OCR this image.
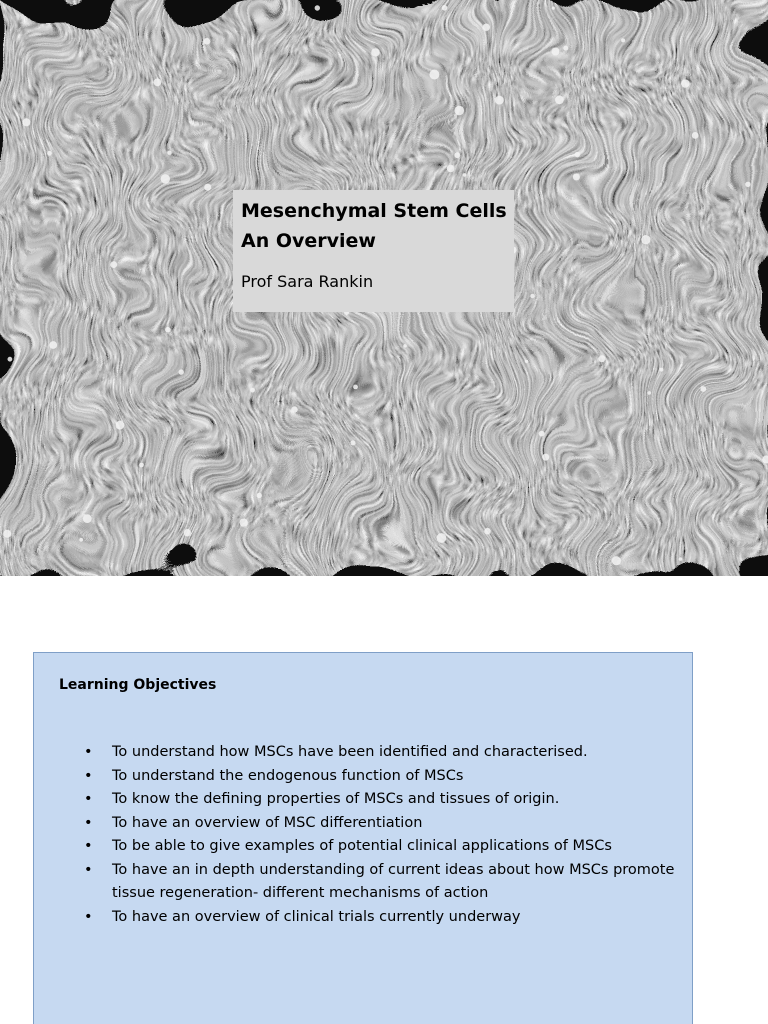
Mesenchymal Stem Cells
An Overview
Prof Sara Rankin
Learning Objectives
• To understand how MSCs have been identified and characterised.
• To understand the endogenous function of MSCs
• To know the defining properties of MSCs and tissues of origin.
• To have an overview of MSC differentiation
• To be able to give examples of potential clinical applications of MSCs
• To have an in depth understanding of current ideas about how MSCs promote tissue regeneration- different mechanisms of action
• To have an overview of clinical trials currently underway
